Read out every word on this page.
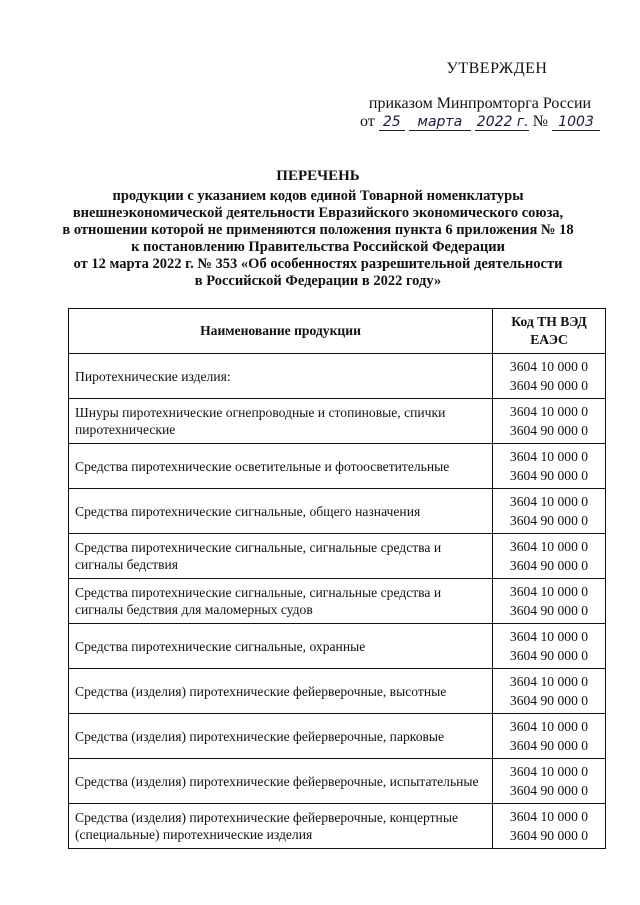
УТВЕРЖДЕН
приказом Минпромторга России
от 25 марта 2022 г. № 1003
ПЕРЕЧЕНЬ
продукции с указанием кодов единой Товарной номенклатуры
внешнеэкономической деятельности Евразийского экономического союза,
в отношении которой не применяются положения пункта 6 приложения № 18
к постановлению Правительства Российской Федерации
от 12 марта 2022 г. № 353 «Об особенностях разрешительной деятельности
в Российской Федерации в 2022 году»
Наименование продукции	Код ТН ВЭД ЕАЭС
Пиротехнические изделия:	3604 10 000 0
3604 90 000 0

Шнуры пиротехнические огнепроводные и стопиновые, спички пиротехнические	3604 10 000 0
3604 90 000 0

Средства пиротехнические осветительные и фотоосветительные	3604 10 000 0
3604 90 000 0

Средства пиротехнические сигнальные, общего назначения	3604 10 000 0
3604 90 000 0

Средства пиротехнические сигнальные, сигнальные средства и сигналы бедствия	3604 10 000 0
3604 90 000 0

Средства пиротехнические сигнальные, сигнальные средства и сигналы бедствия для маломерных судов	3604 10 000 0
3604 90 000 0

Средства пиротехнические сигнальные, охранные	3604 10 000 0
3604 90 000 0

Средства (изделия) пиротехнические фейерверочные, высотные	3604 10 000 0
3604 90 000 0

Средства (изделия) пиротехнические фейерверочные, парковые	3604 10 000 0
3604 90 000 0

Средства (изделия) пиротехнические фейерверочные, испытательные	3604 10 000 0
3604 90 000 0

Средства (изделия) пиротехнические фейерверочные, концертные (специальные) пиротехнические изделия	3604 10 000 0
3604 90 000 0
